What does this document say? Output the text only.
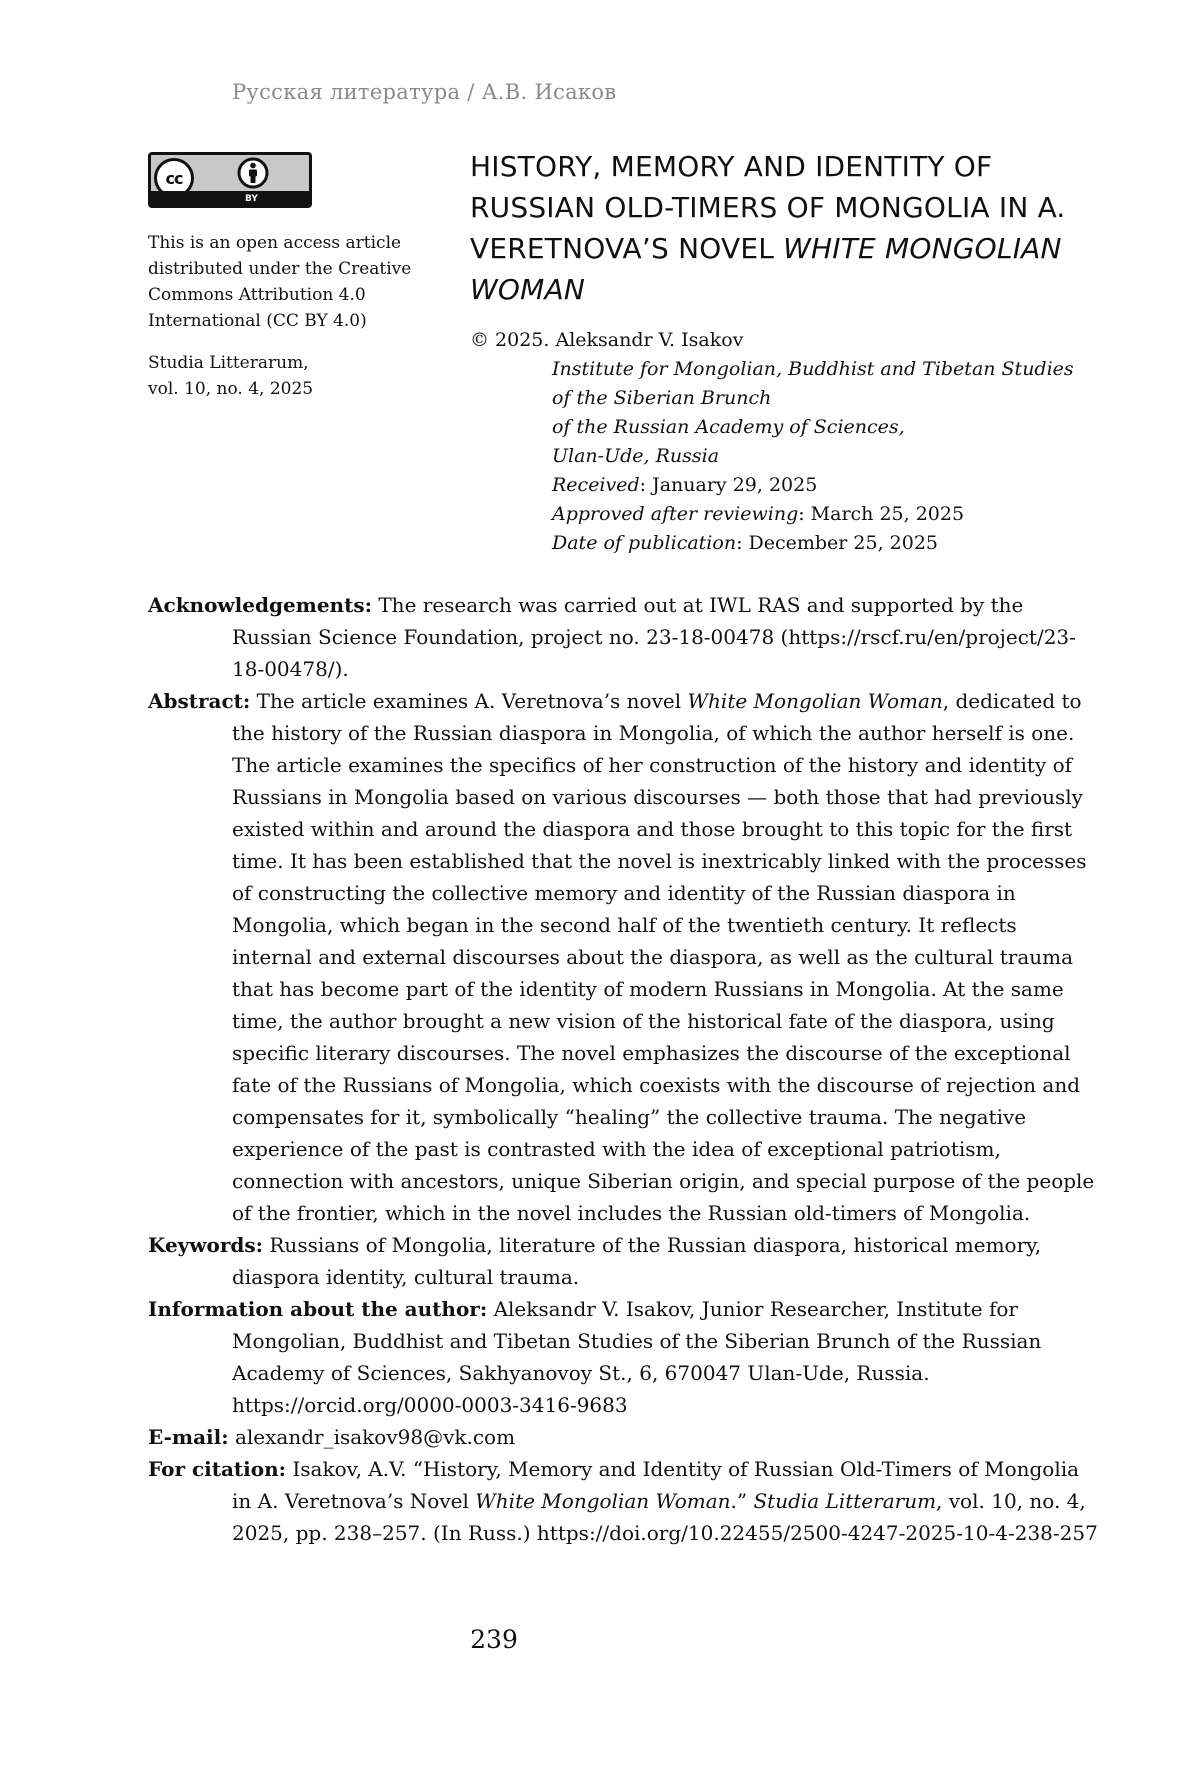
Русская литература / А.В. Исаков
cc
BY
This is an open access article distributed under the Creative Commons Attribution 4.0 International (CC BY 4.0)
Studia Litterarum,
vol. 10, no. 4, 2025
HISTORY, MEMORY AND IDENTITY OF RUSSIAN OLD-TIMERS OF MONGOLIA IN A. VERETNOVA’S NOVEL WHITE MONGOLIAN WOMAN
© 2025. Aleksandr V. Isakov
Institute for Mongolian, Buddhist and Tibetan Studies
of the Siberian Brunch
of the Russian Academy of Sciences,
Ulan-Ude, Russia
Received: January 29, 2025
Approved after reviewing: March 25, 2025
Date of publication: December 25, 2025

Acknowledgements: The research was carried out at IWL RAS and supported by the Russian Science Foundation, project no. 23-18-00478 (https://rscf.ru/en/project/23-18-00478/).

Abstract: The article examines A. Veretnova’s novel White Mongolian Woman, dedicated to the history of the Russian diaspora in Mongolia, of which the author herself is one. The article examines the specifics of her construction of the history and identity of Russians in Mongolia based on various discourses — both those that had previously existed within and around the diaspora and those brought to this topic for the first time. It has been established that the novel is inextricably linked with the processes of constructing the collective memory and identity of the Russian diaspora in Mongolia, which began in the second half of the twentieth century. It reflects internal and external discourses about the diaspora, as well as the cultural trauma that has become part of the identity of modern Russians in Mongolia. At the same time, the author brought a new vision of the historical fate of the diaspora, using specific literary discourses. The novel emphasizes the discourse of the exceptional fate of the Russians of Mongolia, which coexists with the discourse of rejection and compensates for it, symbolically “healing” the collective trauma. The negative experience of the past is contrasted with the idea of exceptional patriotism, connection with ancestors, unique Siberian origin, and special purpose of the people of the frontier, which in the novel includes the Russian old-timers of Mongolia.

Keywords: Russians of Mongolia, literature of the Russian diaspora, historical memory, diaspora identity, cultural trauma.

Information about the author: Aleksandr V. Isakov, Junior Researcher, Institute for Mongolian, Buddhist and Tibetan Studies of the Siberian Brunch of the Russian Academy of Sciences, Sakhyanovoy St., 6, 670047 Ulan-Ude, Russia. https://orcid.org/0000-0003-3416-9683

E-mail: alexandr_isakov98@vk.com

For citation: Isakov, A.V. “History, Memory and Identity of Russian Old-Timers of Mongolia in A. Veretnova’s Novel White Mongolian Woman.” Studia Litterarum, vol. 10, no. 4, 2025, pp. 238–257. (In Russ.) https://doi.org/10.22455/2500-4247-2025-10-4-238-257

239
